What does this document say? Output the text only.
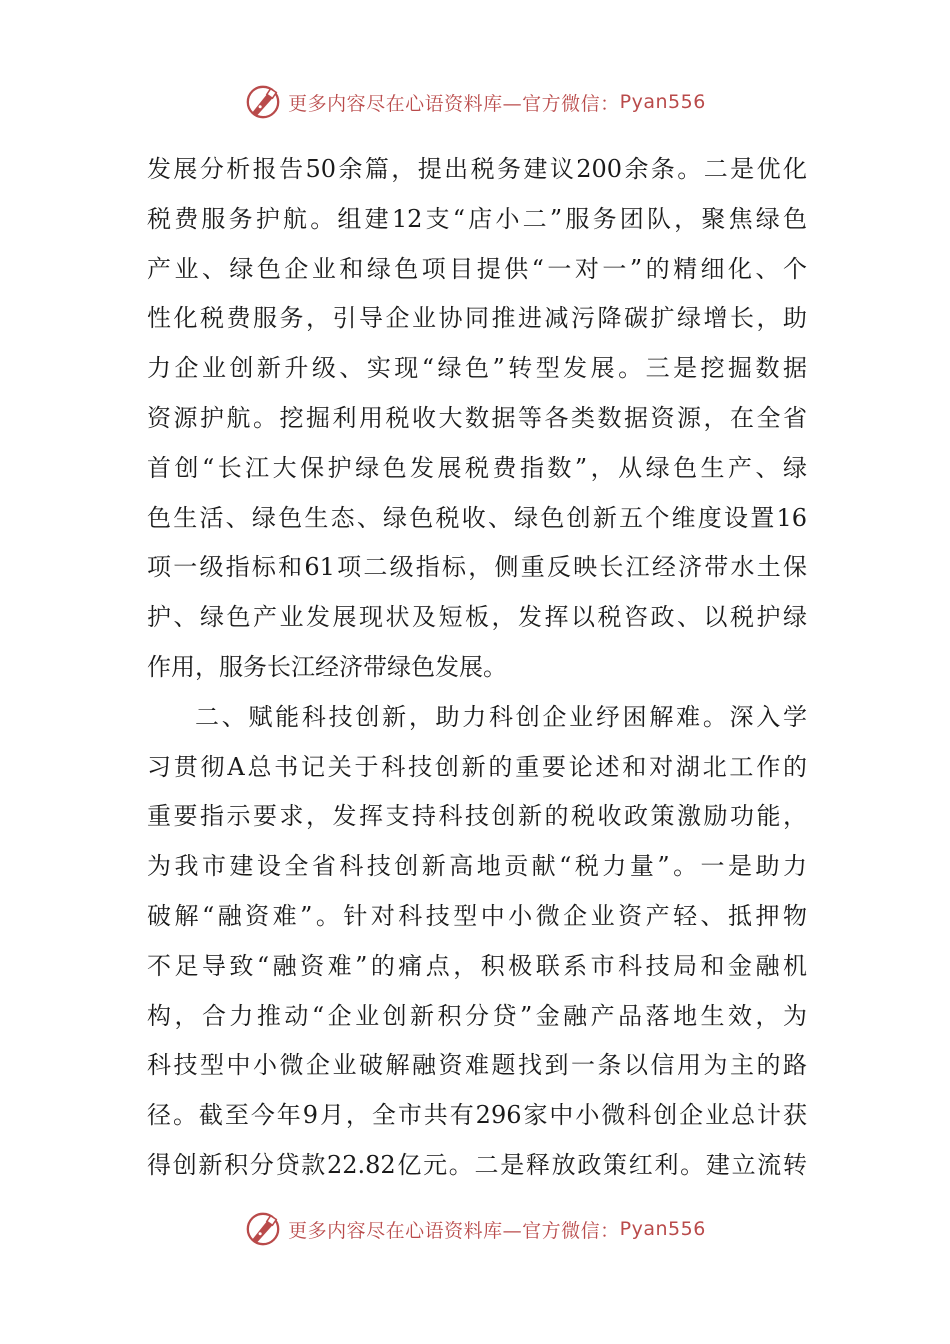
更多内容尽在心语资料库—官方微信： Pyan556
发展分析报告50余篇，提出税务建议200余条。二是优化
税费服务护航。组建12支“店小二”服务团队，聚焦绿色
产业、绿色企业和绿色项目提供“一对一”的精细化、个
性化税费服务，引导企业协同推进减污降碳扩绿增长，助
力企业创新升级、实现“绿色”转型发展。三是挖掘数据
资源护航。挖掘利用税收大数据等各类数据资源，在全省
首创“长江大保护绿色发展税费指数”，从绿色生产、绿
色生活、绿色生态、绿色税收、绿色创新五个维度设置16
项一级指标和61项二级指标，侧重反映长江经济带水土保
护、绿色产业发展现状及短板，发挥以税咨政、以税护绿
作用，服务长江经济带绿色发展。
二、赋能科技创新，助力科创企业纾困解难。深入学
习贯彻A总书记关于科技创新的重要论述和对湖北工作的
重要指示要求，发挥支持科技创新的税收政策激励功能，
为我市建设全省科技创新高地贡献“税力量”。一是助力
破解“融资难”。针对科技型中小微企业资产轻、抵押物
不足导致“融资难”的痛点，积极联系市科技局和金融机
构，合力推动“企业创新积分贷”金融产品落地生效，为
科技型中小微企业破解融资难题找到一条以信用为主的路
径。截至今年9月，全市共有296家中小微科创企业总计获
得创新积分贷款22.82亿元。二是释放政策红利。建立流转
更多内容尽在心语资料库—官方微信： Pyan556
